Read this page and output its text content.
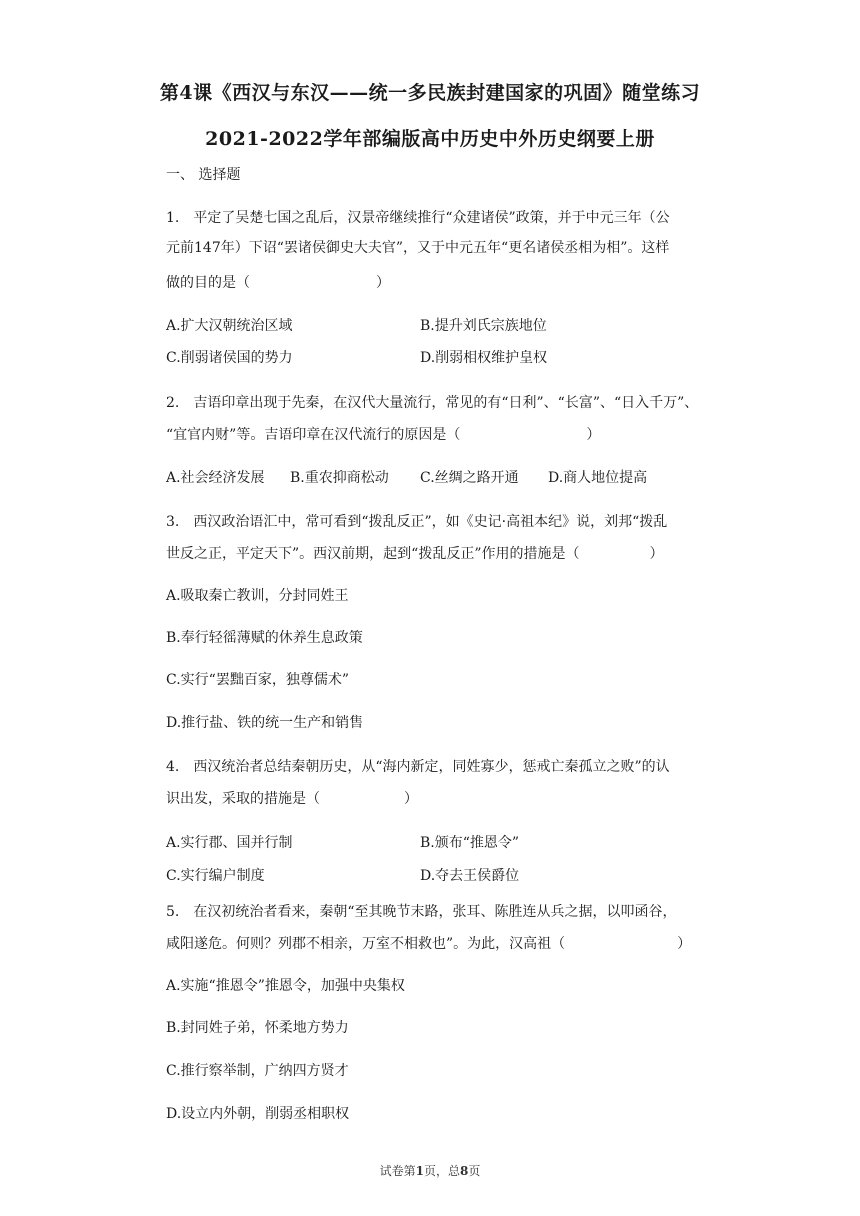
第4课《西汉与东汉——统一多民族封建国家的巩固》随堂练习
2021-2022学年部编版高中历史中外历史纲要上册
一、 选择题
1.　平定了吴楚七国之乱后，汉景帝继续推行“众建诸侯”政策，并于中元三年（公
元前147年）下诏“罢诸侯御史大夫官”，又于中元五年“更名诸侯丞相为相”。这样
做的目的是（　　　　　　　　　）
A.扩大汉朝统治区域	B.提升刘氏宗族地位
C.削弱诸侯国的势力	D.削弱相权维护皇权
2.　吉语印章出现于先秦，在汉代大量流行，常见的有“日利”、“长富”、“日入千万”、
“宜官内财”等。吉语印章在汉代流行的原因是（　　　　　　　　　）
A.社会经济发展 B.重农抑商松动 C.丝绸之路开通 D.商人地位提高
3.　西汉政治语汇中，常可看到“拨乱反正”，如《史记·高祖本纪》说，刘邦“拨乱
世反之正，平定天下”。西汉前期，起到“拨乱反正”作用的措施是（　　　　　）
A.吸取秦亡教训，分封同姓王
B.奉行轻徭薄赋的休养生息政策
C.实行“罢黜百家，独尊儒术”
D.推行盐、铁的统一生产和销售
4.　西汉统治者总结秦朝历史，从“海内新定，同姓寡少，惩戒亡秦孤立之败”的认
识出发，采取的措施是（　　　　　　）
A.实行郡、国并行制	B.颁布“推恩令”
C.实行编户制度	D.夺去王侯爵位
5.　在汉初统治者看来，秦朝“至其晚节末路，张耳、陈胜连从兵之据，以叩函谷，
咸阳遂危。何则？列郡不相亲，万室不相救也”。为此，汉高祖（　　　　　　　　）
A.实施“推恩令”推恩令，加强中央集权
B.封同姓子弟，怀柔地方势力
C.推行察举制，广纳四方贤才
D.设立内外朝，削弱丞相职权
试卷第1页，总8页
